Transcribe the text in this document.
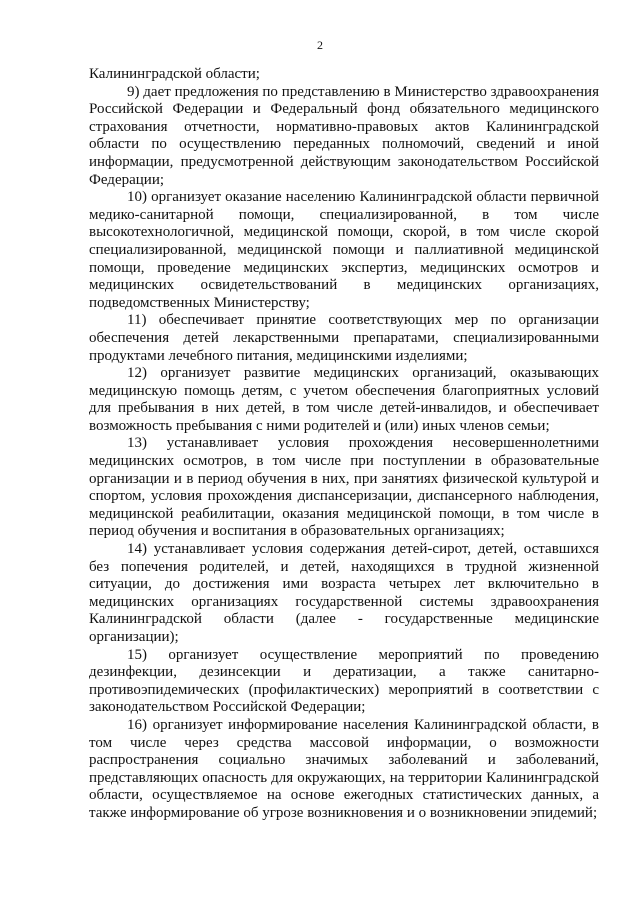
2

Калининградской области;

9) дает предложения по представлению в Министерство здравоохранения Российской Федерации и Федеральный фонд обязательного медицинского страхования отчетности, нормативно-правовых актов Калининградской области по осуществлению переданных полномочий, сведений и иной информации, предусмотренной действующим законодательством Российской Федерации;

10) организует оказание населению Калининградской области первичной медико-санитарной помощи, специализированной, в том числе высокотехнологичной, медицинской помощи, скорой, в том числе скорой специализированной, медицинской помощи и паллиативной медицинской помощи, проведение медицинских экспертиз, медицинских осмотров и медицинских освидетельствований в медицинских организациях, подведомственных Министерству;

11) обеспечивает принятие соответствующих мер по организации обеспечения детей лекарственными препаратами, специализированными продуктами лечебного питания, медицинскими изделиями;

12) организует развитие медицинских организаций, оказывающих медицинскую помощь детям, с учетом обеспечения благоприятных условий для пребывания в них детей, в том числе детей-инвалидов, и обеспечивает возможность пребывания с ними родителей и (или) иных членов семьи;

13) устанавливает условия прохождения несовершеннолетними медицинских осмотров, в том числе при поступлении в образовательные организации и в период обучения в них, при занятиях физической культурой и спортом, условия прохождения диспансеризации, диспансерного наблюдения, медицинской реабилитации, оказания медицинской помощи, в том числе в период обучения и воспитания в образовательных организациях;

14) устанавливает условия содержания детей-сирот, детей, оставшихся без попечения родителей, и детей, находящихся в трудной жизненной ситуации, до достижения ими возраста четырех лет включительно в медицинских организациях государственной системы здравоохранения Калининградской области (далее - государственные медицинские организации);

15) организует осуществление мероприятий по проведению дезинфекции, дезинсекции и дератизации, а также санитарно-противоэпидемических (профилактических) мероприятий в соответствии с законодательством Российской Федерации;

16) организует информирование населения Калининградской области, в том числе через средства массовой информации, о возможности распространения социально значимых заболеваний и заболеваний, представляющих опасность для окружающих, на территории Калининградской области, осуществляемое на основе ежегодных статистических данных, а также информирование об угрозе возникновения и о возникновении эпидемий;
